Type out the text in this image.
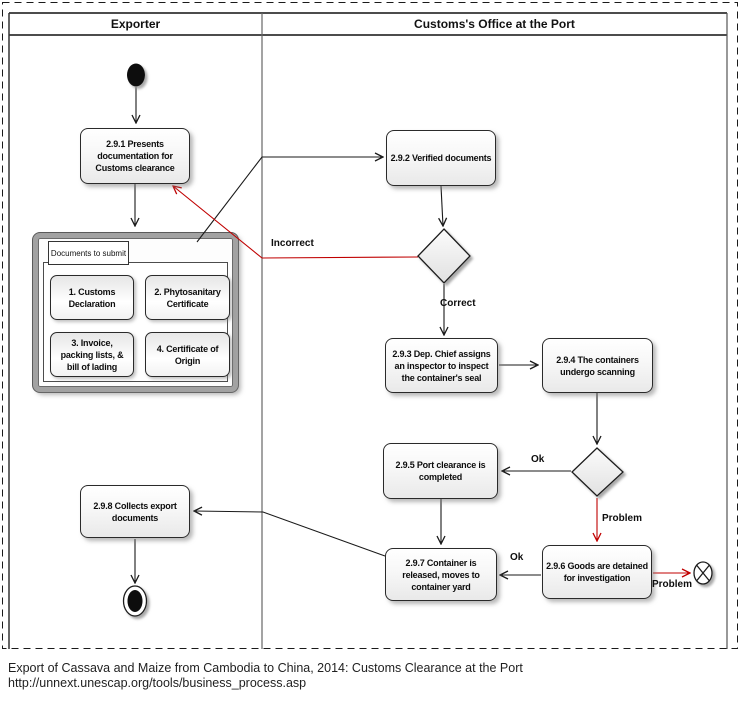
Documents to submit
Exporter	Customs's Office at the Port
2.9.1 Presents documentation for Customs clearance
2.9.2 Verified documents
2.9.3 Dep. Chief assigns an inspector to inspect the container's seal
2.9.4 The containers undergo scanning
2.9.5 Port clearance is completed
2.9.6 Goods are detained for investigation
2.9.7 Container is released, moves to container yard
2.9.8 Collects export documents
1. Customs Declaration
2. Phytosanitary Certificate
3. Invoice, packing lists, & bill of lading
4. Certificate of Origin
Incorrect
Correct
Ok
Problem
Ok
Problem
Export of Cassava and Maize from Cambodia to China, 2014: Customs Clearance at the Port
http://unnext.unescap.org/tools/business_process.asp
